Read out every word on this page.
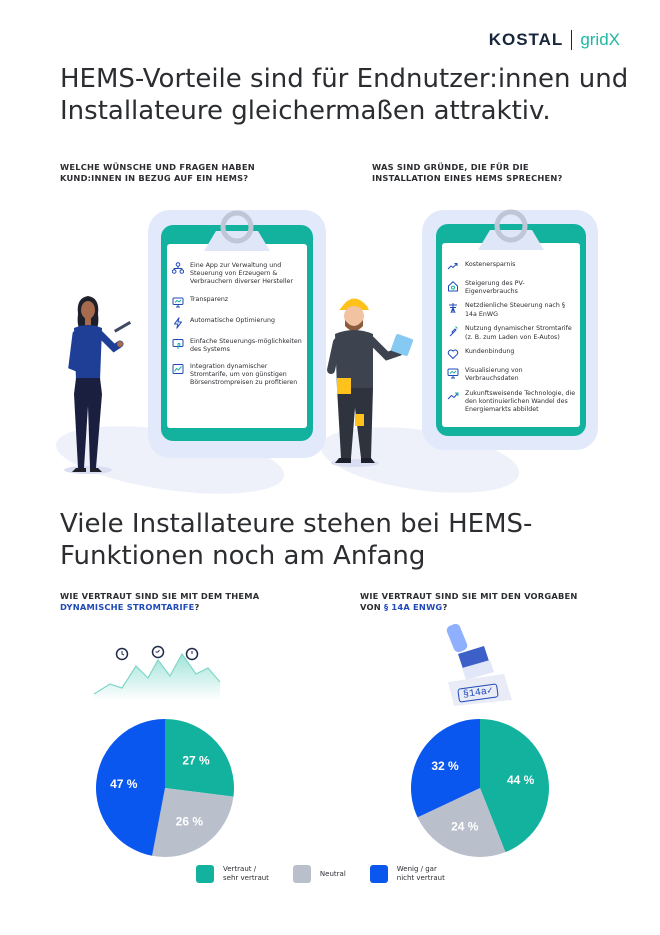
KOSTAL gridX
HEMS-Vorteile sind für Endnutzer:innen und Installateure gleichermaßen attraktiv.
WELCHE WÜNSCHE UND FRAGEN HABEN KUND:INNEN IN BEZUG AUF EIN HEMS?
WAS SIND GRÜNDE, DIE FÜR DIE INSTALLATION EINES HEMS SPRECHEN?
Eine App zur Verwaltung und Steuerung von Erzeugern & Verbrauchern diverser Hersteller
Transparenz
Automatische Optimierung
Einfache Steuerungs-möglichkeiten des Systems
Integration dynamischer Stromtarife, um von günstigen Börsenstrompreisen zu profitieren
Kostenersparnis
Steigerung des PV-Eigenverbrauchs
Netzdienliche Steuerung nach § 14a EnWG
Nutzung dynamischer Stromtarife (z. B. zum Laden von E-Autos)
Kundenbindung
Visualisierung von Verbrauchsdaten
Zukunftsweisende Technologie, die den kontinuierlichen Wandel des Energiemarkts abbildet
Viele Installateure stehen bei HEMS-Funktionen noch am Anfang
WIE VERTRAUT SIND SIE MIT DEM THEMA
DYNAMISCHE STROMTARIFE?
WIE VERTRAUT SIND SIE MIT DEN VORGABEN
VON § 14A ENWG?
§14a✓
27 %
26 %
47 %	44 %
24 %
32 %
Vertraut /
sehr vertraut
Neutral
Wenig / gar
nicht vertraut
